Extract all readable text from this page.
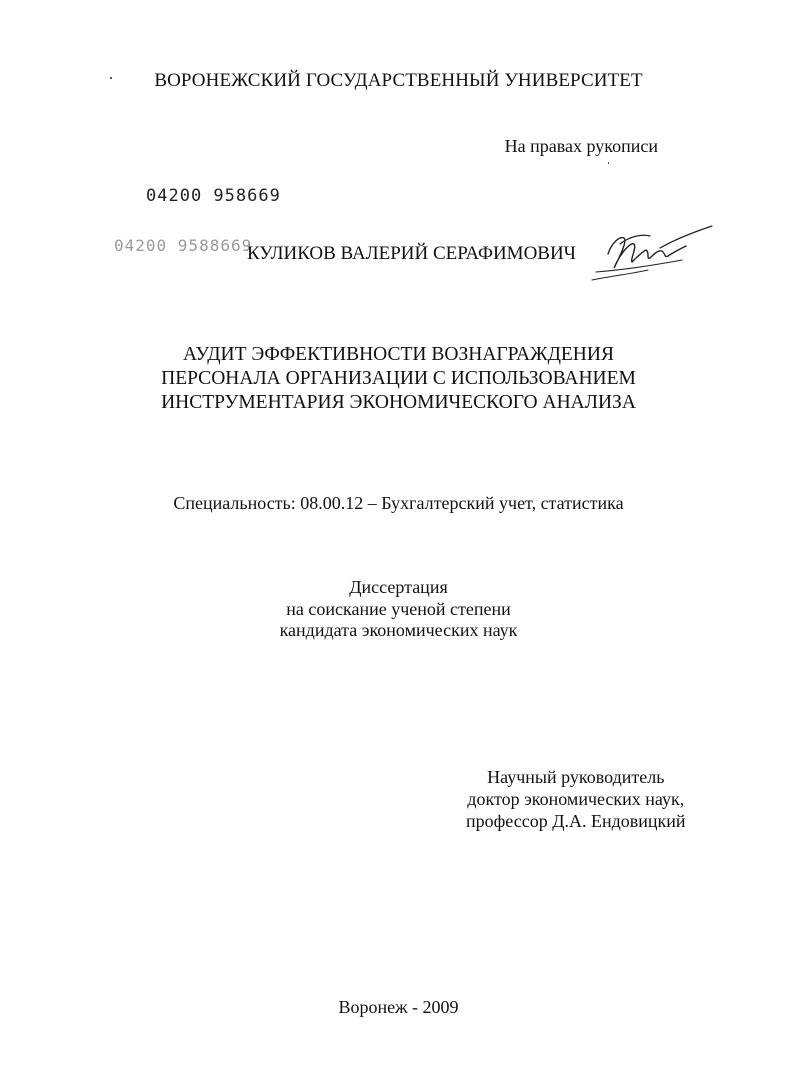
ВОРОНЕЖСКИЙ ГОСУДАРСТВЕННЫЙ УНИВЕРСИТЕТ
На правах рукописи
04200 958669
04200 9588669
КУЛИКОВ ВАЛЕРИЙ СЕРАФИМОВИЧ
АУДИТ ЭФФЕКТИВНОСТИ ВОЗНАГРАЖДЕНИЯ
ПЕРСОНАЛА ОРГАНИЗАЦИИ С ИСПОЛЬЗОВАНИЕМ
ИНСТРУМЕНТАРИЯ ЭКОНОМИЧЕСКОГО АНАЛИЗА
Специальность: 08.00.12 – Бухгалтерский учет, статистика
Диссертация
на соискание ученой степени
кандидата экономических наук
Научный руководитель
доктор экономических наук,
профессор Д.А. Ендовицкий
Воронеж - 2009
